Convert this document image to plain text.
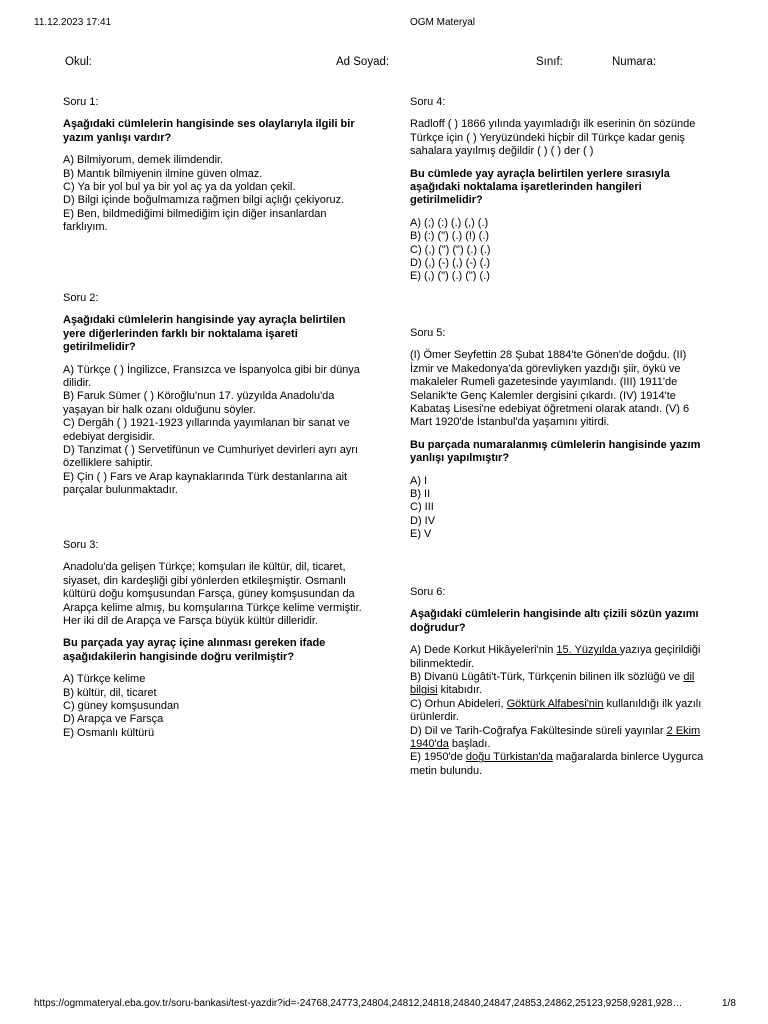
11.12.2023 17:41	OGM Materyal
Okul:	Ad Soyad:	Sınıf:	Numara:
Soru 1:
Aşağıdaki cümlelerin hangisinde ses olaylarıyla ilgili bir yazım yanlışı vardır?
A) Bilmiyorum, demek ilimdendir.
B) Mantık bilmiyenin ilmine güven olmaz.
C) Ya bir yol bul ya bir yol aç ya da yoldan çekil.
D) Bilgi içinde boğulmamıza rağmen bilgi açlığı çekiyoruz.
E) Ben, bildmediğimi bilmediğim için diğer insanlardan farklıyım.
Soru 2:
Aşağıdaki cümlelerin hangisinde yay ayraçla belirtilen yere diğerlerinden farklı bir noktalama işareti getirilmelidir?
A) Türkçe ( ) İngilizce, Fransızca ve İspanyolca gibi bir dünya dilidir.
B) Faruk Sümer ( ) Köroğlu'nun 17. yüzyılda Anadolu'da yaşayan bir halk ozanı olduğunu söyler.
C) Dergâh ( ) 1921-1923 yıllarında yayımlanan bir sanat ve edebiyat dergisidir.
D) Tanzimat ( ) Servetifünun ve Cumhuriyet devirleri ayrı ayrı özelliklere sahiptir.
E) Çin ( ) Fars ve Arap kaynaklarında Türk destanlarına ait parçalar bulunmaktadır.
Soru 3:
Anadolu'da gelişen Türkçe; komşuları ile kültür, dil, ticaret, siyaset, din kardeşliği gibi yönlerden etkileşmiştir. Osmanlı kültürü doğu komşusundan Farsça, güney komşusundan da Arapça kelime almış, bu komşularına Türkçe kelime vermiştir. Her iki dil de Arapça ve Farsça büyük kültür dilleridir.
Bu parçada yay ayraç içine alınması gereken ifade aşağıdakilerin hangisinde doğru verilmiştir?
A) Türkçe kelime
B) kültür, dil, ticaret
C) güney komşusundan
D) Arapça ve Farsça
E) Osmanlı kültürü
Soru 4:
Radloff ( ) 1866 yılında yayımladığı ilk eserinin ön sözünde Türkçe için ( ) Yeryüzündeki hiçbir dil Türkçe kadar geniş sahalara yayılmış değildir ( ) ( ) der ( )
Bu cümlede yay ayraçla belirtilen yerlere sırasıyla aşağıdaki noktalama işaretlerinden hangileri getirilmelidir?
A) (;) (:) (.) (,) (.)
B) (:) (") (.) (!) (.)
C) (,) (") (") (.) (.)
D) (,) (-) (,) (-) (.)
E) (,) (") (.) (") (.)
Soru 5:
(I) Ömer Seyfettin 28 Şubat 1884'te Gönen'de doğdu. (II) İzmir ve Makedonya'da görevliyken yazdığı şiir, öykü ve makaleler Rumeli gazetesinde yayımlandı. (III) 1911'de Selanik'te Genç Kalemler dergisini çıkardı. (IV) 1914'te Kabataş Lisesi'ne edebiyat öğretmeni olarak atandı. (V) 6 Mart 1920'de İstanbul'da yaşamını yitirdi.
Bu parçada numaralanmış cümlelerin hangisinde yazım yanlışı yapılmıştır?
A) I
B) II
C) III
D) IV
E) V
Soru 6:
Aşağıdaki cümlelerin hangisinde altı çizili sözün yazımı doğrudur?
A) Dede Korkut Hikâyeleri'nin 15. Yüzyılda yazıya geçirildiği bilinmektedir.
B) Divanü Lügâti't-Türk, Türkçenin bilinen ilk sözlüğü ve dil bilgisi kitabıdır.
C) Orhun Abideleri, Göktürk Alfabesi'nin kullanıldığı ilk yazılı ürünlerdir.
D) Dil ve Tarih-Coğrafya Fakültesinde süreli yayınlar 2 Ekim 1940'da başladı.
E) 1950'de doğu Türkistan'da mağaralarda binlerce Uygurca metin bulundu.
https://ogmmateryal.eba.gov.tr/soru-bankasi/test-yazdir?id=-24768,24773,24804,24812,24818,24840,24847,24853,24862,25123,9258,9281,928…	1/8
